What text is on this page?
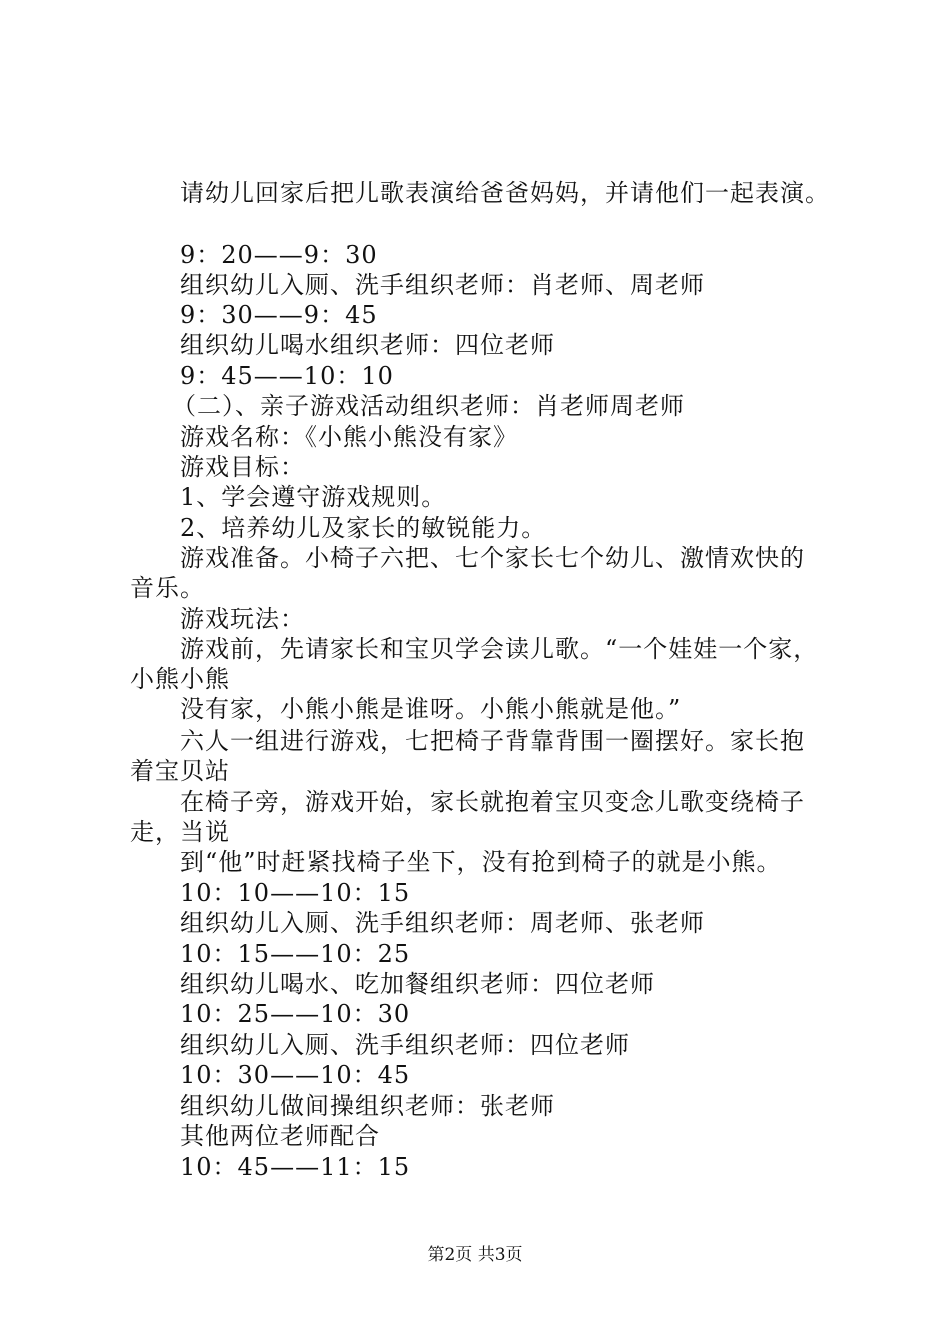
请幼儿回家后把儿歌表演给爸爸妈妈，并请他们一起表演。
9：20——9：30
组织幼儿入厕、洗手组织老师：肖老师、周老师
9：30——9：45
组织幼儿喝水组织老师：四位老师
9：45——10：10
（二）、亲子游戏活动组织老师：肖老师周老师
游戏名称：《小熊小熊没有家》
游戏目标：
1、学会遵守游戏规则。
2、培养幼儿及家长的敏锐能力。
游戏准备。小椅子六把、七个家长七个幼儿、激情欢快的
音乐。
游戏玩法：
游戏前，先请家长和宝贝学会读儿歌。“一个娃娃一个家，
小熊小熊
没有家，小熊小熊是谁呀。小熊小熊就是他。”
六人一组进行游戏，七把椅子背靠背围一圈摆好。家长抱
着宝贝站
在椅子旁，游戏开始，家长就抱着宝贝变念儿歌变绕椅子
走，当说
到“他”时赶紧找椅子坐下，没有抢到椅子的就是小熊。
10：10——10：15
组织幼儿入厕、洗手组织老师：周老师、张老师
10：15——10：25
组织幼儿喝水、吃加餐组织老师：四位老师
10：25——10：30
组织幼儿入厕、洗手组织老师：四位老师
10：30——10：45
组织幼儿做间操组织老师：张老师
其他两位老师配合
10：45——11：15
第2页 共3页
